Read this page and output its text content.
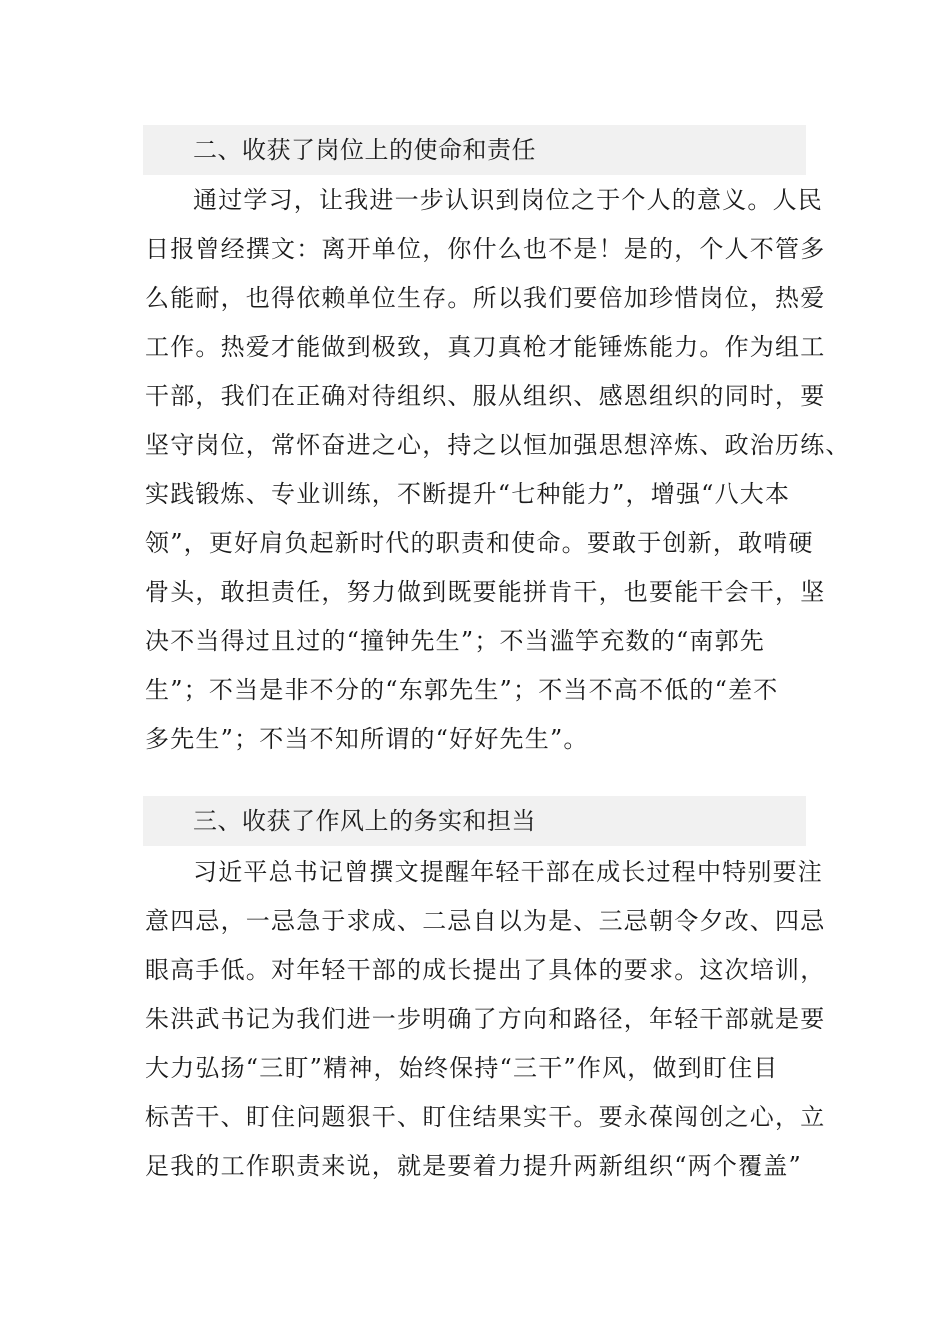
二、收获了岗位上的使命和责任
通过学习，让我进一步认识到岗位之于个人的意义。人民
日报曾经撰文：离开单位，你什么也不是！是的，个人不管多
么能耐，也得依赖单位生存。所以我们要倍加珍惜岗位，热爱
工作。热爱才能做到极致，真刀真枪才能锤炼能力。作为组工
干部，我们在正确对待组织、服从组织、感恩组织的同时，要
坚守岗位，常怀奋进之心，持之以恒加强思想淬炼、政治历练、
实践锻炼、专业训练，不断提升“七种能力”，增强“八大本
领”，更好肩负起新时代的职责和使命。要敢于创新，敢啃硬
骨头，敢担责任，努力做到既要能拼肯干，也要能干会干，坚
决不当得过且过的“撞钟先生”；不当滥竽充数的“南郭先
生”；不当是非不分的“东郭先生”；不当不高不低的“差不
多先生”；不当不知所谓的“好好先生”。
三、收获了作风上的务实和担当
习近平总书记曾撰文提醒年轻干部在成长过程中特别要注
意四忌，一忌急于求成、二忌自以为是、三忌朝令夕改、四忌
眼高手低。对年轻干部的成长提出了具体的要求。这次培训，
朱洪武书记为我们进一步明确了方向和路径，年轻干部就是要
大力弘扬“三盯”精神，始终保持“三干”作风，做到盯住目
标苦干、盯住问题狠干、盯住结果实干。要永葆闯创之心，立
足我的工作职责来说，就是要着力提升两新组织“两个覆盖”
